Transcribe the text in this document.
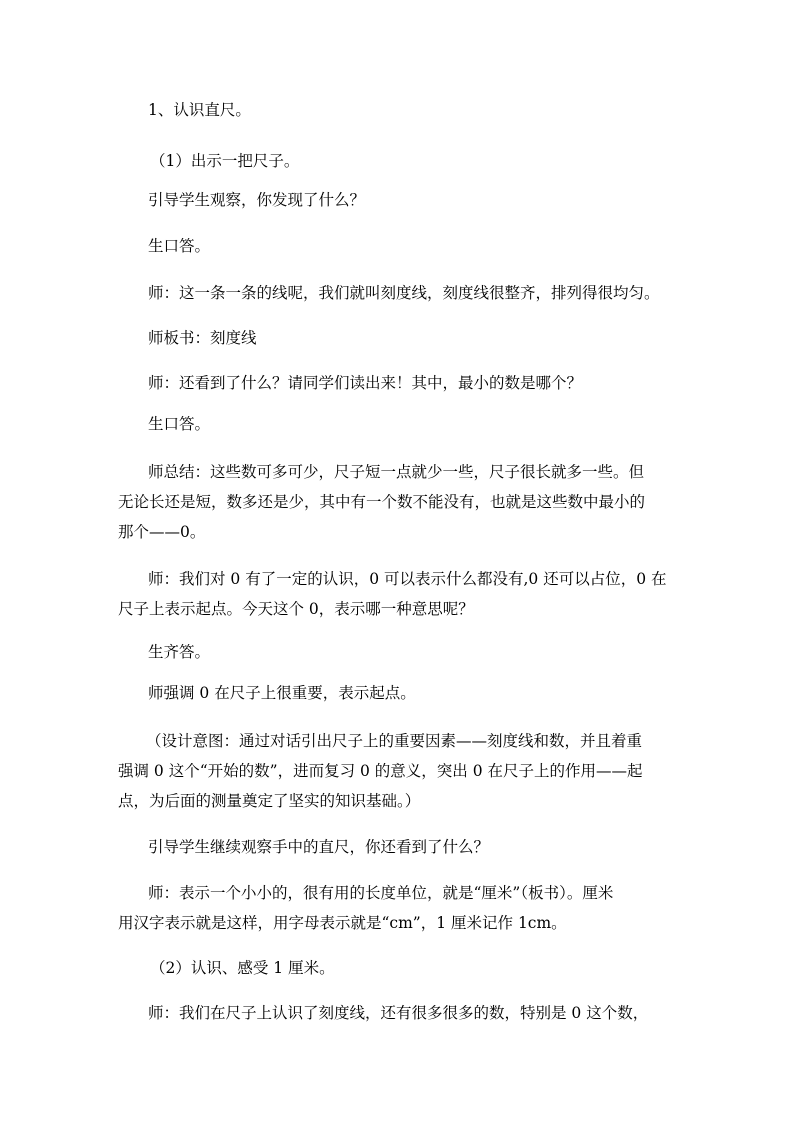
1、认识直尺。

（1）出示一把尺子。

引导学生观察，你发现了什么？

生口答。

师：这一条一条的线呢，我们就叫刻度线，刻度线很整齐，排列得很均匀。

师板书：刻度线

师：还看到了什么？请同学们读出来！其中，最小的数是哪个？

生口答。

师总结：这些数可多可少，尺子短一点就少一些，尺子很长就多一些。但
无论长还是短，数多还是少，其中有一个数不能没有，也就是这些数中最小的
那个——0。
师：我们对 0 有了一定的认识，0 可以表示什么都没有,0 还可以占位，0 在
尺子上表示起点。今天这个 0，表示哪一种意思呢？

生齐答。

师强调 0 在尺子上很重要，表示起点。

（设计意图：通过对话引出尺子上的重要因素——刻度线和数，并且着重
强调 0 这个“开始的数”，进而复习 0 的意义，突出 0 在尺子上的作用——起
点，为后面的测量奠定了坚实的知识基础。）

引导学生继续观察手中的直尺，你还看到了什么？

师：表示一个小小的，很有用的长度单位，就是“厘米”（板书）。厘米
用汉字表示就是这样，用字母表示就是“cm”，1 厘米记作 1cm。

（2）认识、感受 1 厘米。

师：我们在尺子上认识了刻度线，还有很多很多的数，特别是 0 这个数，
